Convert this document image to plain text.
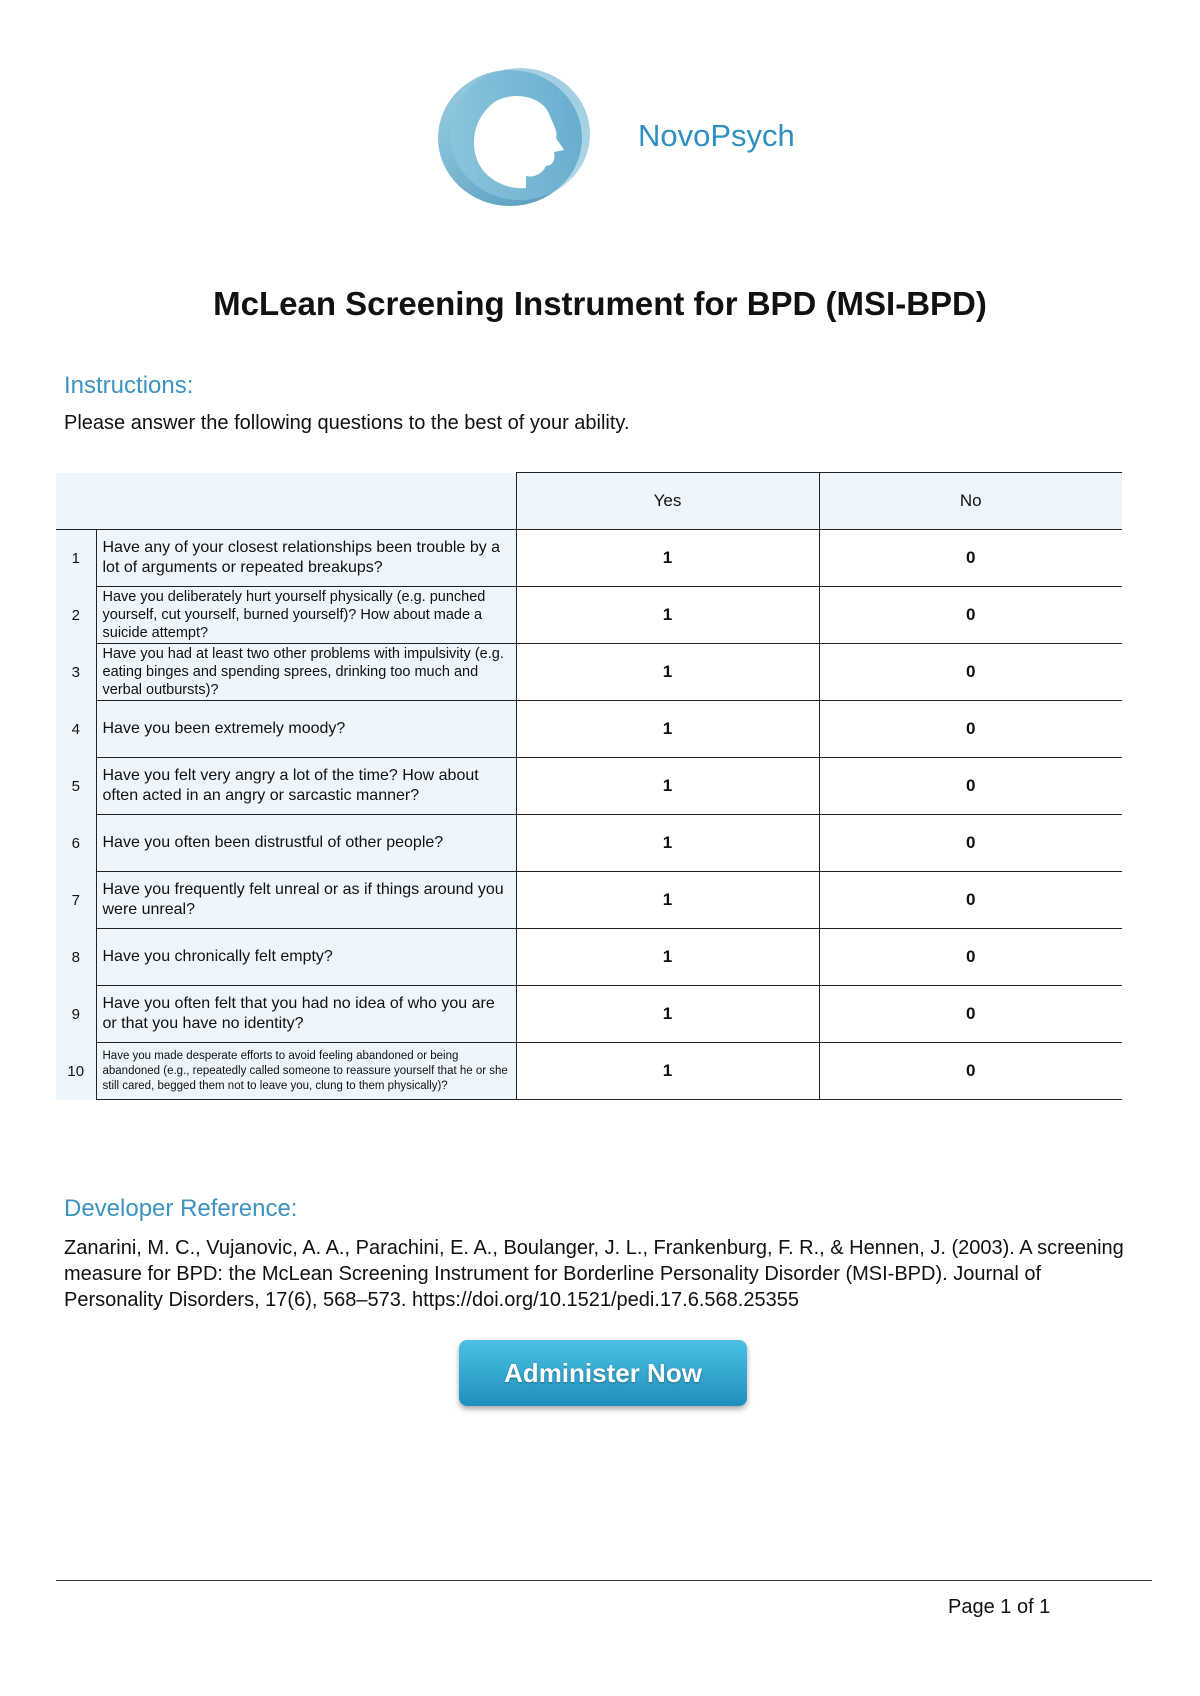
NovoPsych
McLean Screening Instrument for BPD (MSI-BPD)
Instructions:
Please answer the following questions to the best of your ability.
		Yes	No
1	Have any of your closest relationships been trouble by a lot of arguments or repeated breakups?	1	0
2	Have you deliberately hurt yourself physically (e.g. punched yourself, cut yourself, burned yourself)? How about made a suicide attempt?	1	0
3	Have you had at least two other problems with impulsivity (e.g. eating binges and spending sprees, drinking too much and verbal outbursts)?	1	0
4	Have you been extremely moody?	1	0
5	Have you felt very angry a lot of the time? How about often acted in an angry or sarcastic manner?	1	0
6	Have you often been distrustful of other people?	1	0
7	Have you frequently felt unreal or as if things around you were unreal?	1	0
8	Have you chronically felt empty?	1	0
9	Have you often felt that you had no idea of who you are or that you have no identity?	1	0
10	Have you made desperate efforts to avoid feeling abandoned or being abandoned (e.g., repeatedly called someone to reassure yourself that he or she still cared, begged them not to leave you, clung to them physically)?	1	0
Developer Reference:
Zanarini, M. C., Vujanovic, A. A., Parachini, E. A., Boulanger, J. L., Frankenburg, F. R., & Hennen, J. (2003). A screening measure for BPD: the McLean Screening Instrument for Borderline Personality Disorder (MSI-BPD). Journal of Personality Disorders, 17(6), 568–573. https://doi.org/10.1521/pedi.17.6.568.25355
Administer Now
Page 1 of 1
